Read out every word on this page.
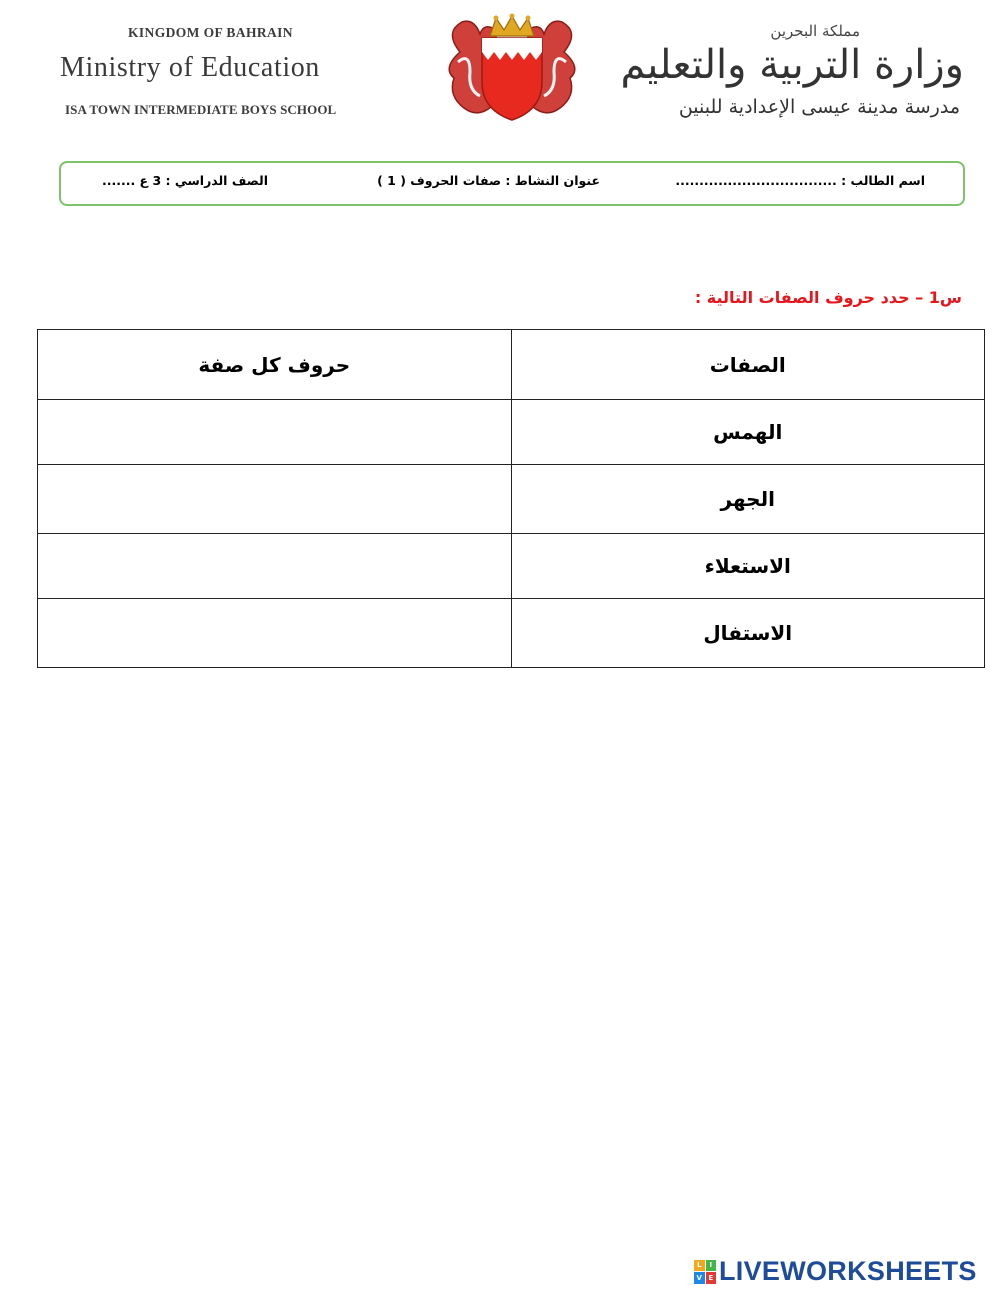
KINGDOM OF BAHRAIN
Ministry of Education
ISA TOWN INTERMEDIATE BOYS SCHOOL
مملكة البحرين
وزارة التربية والتعليم
مدرسة مدينة عيسى الإعدادية للبنين
اسم الطالب : ..................................
عنوان النشاط : صفات الحروف ( 1 )
الصف الدراسي : 3 ع .......
س1 – حدد حروف الصفات التالية :
حروف كل صفة	الصفات
	الهمس
	الجهر
	الاستعلاء
	الاستفال
L	I
V E LIVEWORKSHEETS
